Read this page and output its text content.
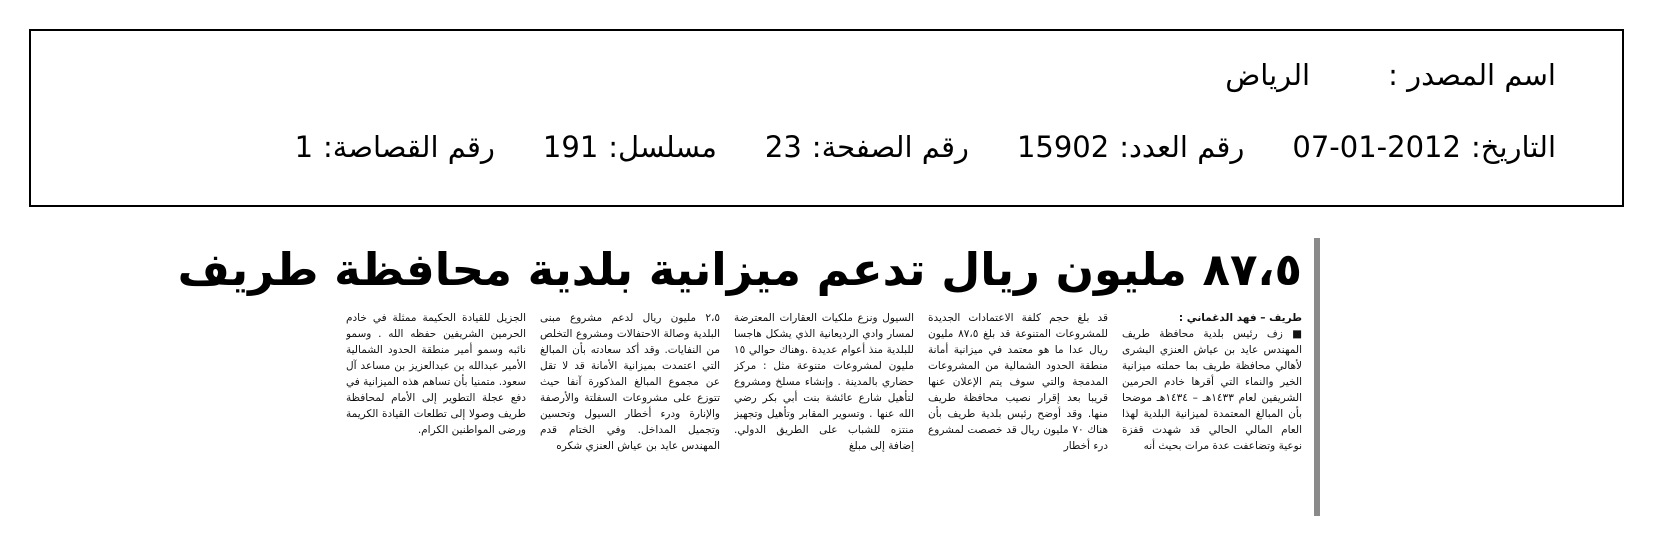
اسم المصدر :الرياض
التاريخ:2012-01-07رقم العدد:15902رقم الصفحة:23مسلسل:191رقم القصاصة:1
٨٧،٥ مليون ريال تدعم ميزانية بلدية محافظة طريف
طريف – فهد الدغماني :

■ زف رئيس بلدية محافظة طريف المهندس عايد بن عياش العنزي البشرى لأهالي محافظة طريف بما حملته ميزانية الخير والنماء التي أقرها خادم الحرمين الشريفين لعام ١٤٣٣هـ – ١٤٣٤هـ موضحا بأن المبالغ المعتمدة لميزانية البلدية لهذا العام المالي الحالي قد شهدت قفزة نوعية وتضاعفت عدة مرات بحيث أنه

قد بلغ حجم كلفة الاعتمادات الجديدة للمشروعات المتنوعة قد بلغ ٨٧،٥ مليون ريال عدا ما هو معتمد في ميزانية أمانة منطقة الحدود الشمالية من المشروعات المدمجة والتي سوف يتم الإعلان عنها قريبا بعد إقرار نصيب محافظة طريف منها. وقد أوضح رئيس بلدية طريف بأن هناك ٧٠ مليون ريال قد خصصت لمشروع درء أخطار

السيول ونزع ملكيات العقارات المعترضة لمسار وادي الرديعانية الذي يشكل هاجسا للبلدية منذ أعوام عديدة .وهناك حوالي ١٥ مليون لمشروعات متنوعة مثل : مركز حضاري بالمدينة . وإنشاء مسلخ ومشروع لتأهيل شارع عائشة بنت أبي بكر رضي الله عنها . وتسوير المقابر وتأهيل وتجهيز منتزه للشباب على الطريق الدولي. إضافة إلى مبلغ

٢،٥ مليون ريال لدعم مشروع مبنى البلدية وصالة الاحتفالات ومشروع التخلص من النفايات. وقد أكد سعادته بأن المبالغ التي اعتمدت بميزانية الأمانة قد لا تقل عن مجموع المبالغ المذكورة آنفا حيث تتوزع على مشروعات السفلتة والأرصفة والإنارة ودرء أخطار السيول وتحسين وتجميل المداخل. وفي الختام قدم المهندس عايد بن عياش العنزي شكره

الجزيل للقيادة الحكيمة ممثلة في خادم الحرمين الشريفين حفظه الله . وسمو نائبه وسمو أمير منطقة الحدود الشمالية الأمير عبدالله بن عبدالعزيز بن مساعد آل سعود. متمنيا بأن تساهم هذه الميزانية في دفع عجلة التطوير إلى الأمام لمحافظة طريف وصولا إلى تطلعات القيادة الكريمة ورضى المواطنين الكرام.
